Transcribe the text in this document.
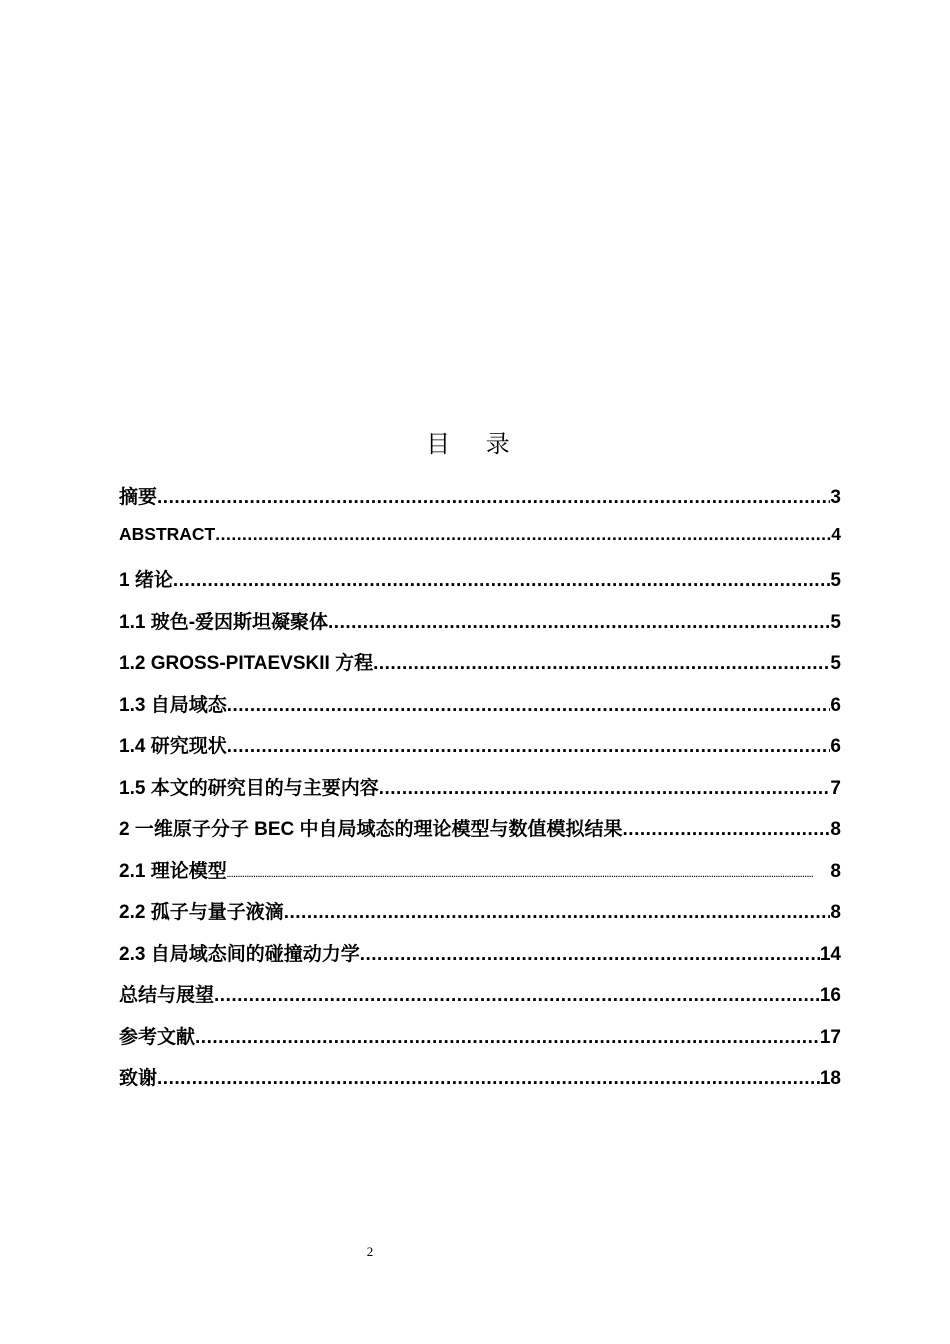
目 录
摘要 .....	3
ABSTRACT .....	4
1 绪论 .....	5
1.1 玻色-爱因斯坦凝聚体 .....	5
1.2 GROSS-PITAEVSKII 方程 .....	5
1.3 自局域态 .....	6
1.4 研究现状 .....	6
1.5 本文的研究目的与主要内容 .....	7
2 一维原子分子 BEC 中自局域态的理论模型与数值模拟结果 .....	8
2.1 理论模型 .....	8
2.2 孤子与量子液滴 .....	8
2.3 自局域态间的碰撞动力学 .....	14
总结与展望 .....	16
参考文献 .....	17
致谢 .....	18
2
